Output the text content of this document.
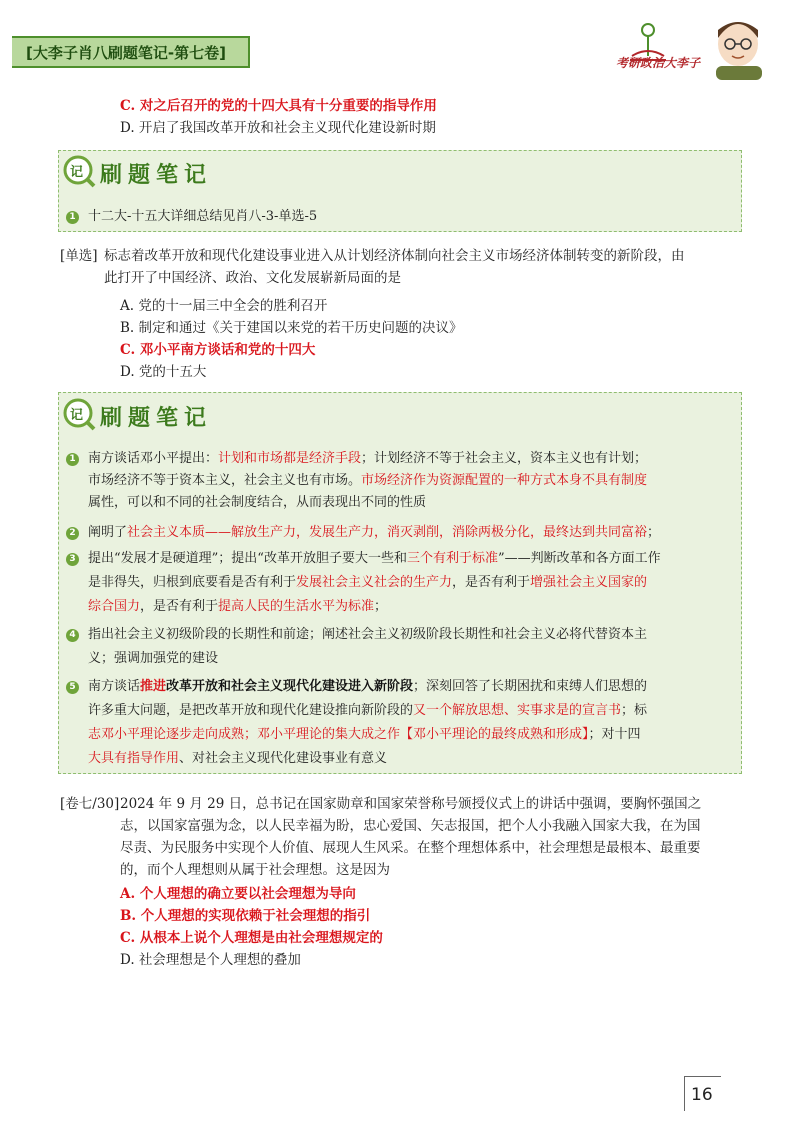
[大李子肖八刷题笔记-第七卷]
考研政治大李子
C. 对之后召开的党的十四大具有十分重要的指导作用
D. 开启了我国改革开放和社会主义现代化建设新时期
记 刷题笔记
1 十二大-十五大详细总结见肖八-3-单选-5
[单选] 标志着改革开放和现代化建设事业进入从计划经济体制向社会主义市场经济体制转变的新阶段，由
此打开了中国经济、政治、文化发展崭新局面的是
A. 党的十一届三中全会的胜利召开
B. 制定和通过《关于建国以来党的若干历史问题的决议》
C. 邓小平南方谈话和党的十四大
D. 党的十五大
记 刷题笔记
1 南方谈话邓小平提出：计划和市场都是经济手段；计划经济不等于社会主义，资本主义也有计划；
市场经济不等于资本主义，社会主义也有市场。市场经济作为资源配置的一种方式本身不具有制度
属性，可以和不同的社会制度结合，从而表现出不同的性质
2 阐明了社会主义本质——解放生产力，发展生产力，消灭剥削，消除两极分化，最终达到共同富裕；
3 提出“发展才是硬道理”；提出“改革开放胆子要大一些和三个有利于标准”——判断改革和各方面工作
是非得失，归根到底要看是否有利于发展社会主义社会的生产力，是否有利于增强社会主义国家的
综合国力，是否有利于提高人民的生活水平为标准；
4 指出社会主义初级阶段的长期性和前途；阐述社会主义初级阶段长期性和社会主义必将代替资本主
义；强调加强党的建设
5 南方谈话推进改革开放和社会主义现代化建设进入新阶段；深刻回答了长期困扰和束缚人们思想的
许多重大问题，是把改革开放和现代化建设推向新阶段的又一个解放思想、实事求是的宣言书；标
志邓小平理论逐步走向成熟；邓小平理论的集大成之作【邓小平理论的最终成熟和形成】；对十四
大具有指导作用、对社会主义现代化建设事业有意义
[卷七/30] 2024 年 9 月 29 日，总书记在国家勋章和国家荣誉称号颁授仪式上的讲话中强调，要胸怀强国之
志，以国家富强为念，以人民幸福为盼，忠心爱国、矢志报国，把个人小我融入国家大我，在为国
尽责、为民服务中实现个人价值、展现人生风采。在整个理想体系中，社会理想是最根本、最重要
的，而个人理想则从属于社会理想。这是因为
A. 个人理想的确立要以社会理想为导向
B. 个人理想的实现依赖于社会理想的指引
C. 从根本上说个人理想是由社会理想规定的
D. 社会理想是个人理想的叠加
16
